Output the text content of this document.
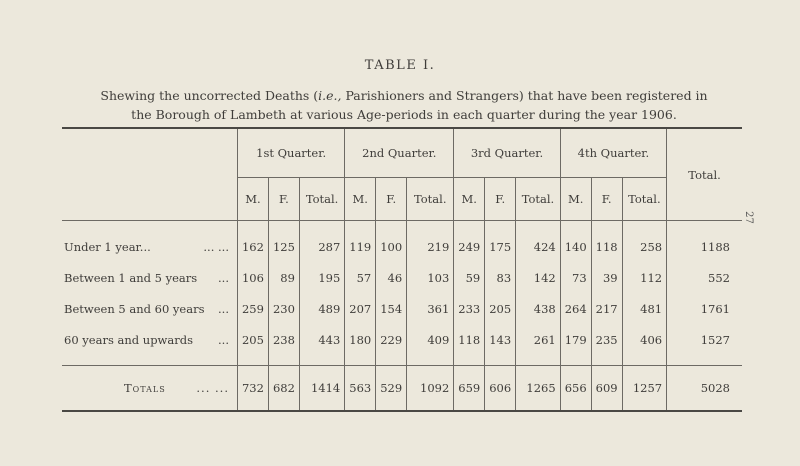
TABLE I.
Shewing the uncorrected Deaths (i.e., Parishioners and Strangers) that have been registered in
the Borough of Lambeth at various Age-periods in each quarter during the year 1906.
27
	1st Quarter.			2nd Quarter.			3rd Quarter.			4th Quarter.			Total.
	M.	F.	Total.	M.	F.	Total.	M.	F.	Total.	M.	F.	Total.	

Under 1 year... ... ...	162	125	287	119	100	219	249	175	424	140	118	258	1188
Between 1 and 5 years ...	106	89	195	57	46	103	59	83	142	73	39	112	552
Between 5 and 60 years ...	259	230	489	207	154	361	233	205	438	264	217	481	1761
60 years and upwards ...	205	238	443	180	229	409	118	143	261	179	235	406	1527

Totals ... ...	732	682	1414	563	529	1092	659	606	1265	656	609	1257	5028
